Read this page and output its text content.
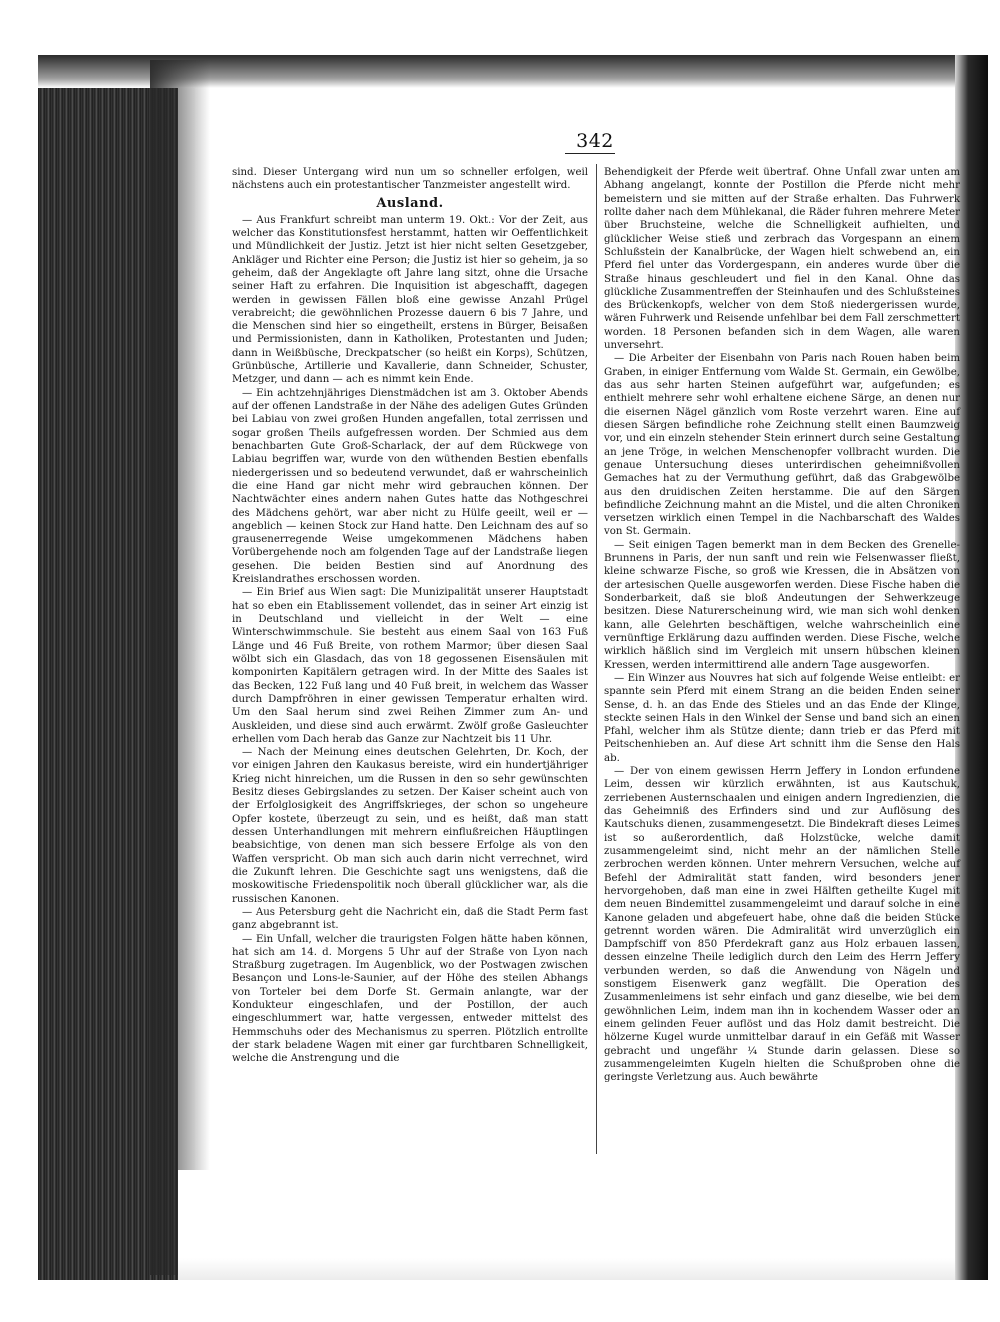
342

sind. Dieser Untergang wird nun um so schneller erfolgen, weil nächstens auch ein protestantischer Tanzmeister angestellt wird.

Ausland.

— Aus Frankfurt schreibt man unterm 19. Okt.: Vor der Zeit, aus welcher das Konstitutionsfest herstammt, hatten wir Oeffentlichkeit und Mündlichkeit der Justiz. Jetzt ist hier nicht selten Gesetzgeber, Ankläger und Richter eine Person; die Justiz ist hier so geheim, ja so geheim, daß der Angeklagte oft Jahre lang sitzt, ohne die Ursache seiner Haft zu erfahren. Die Inquisition ist abgeschafft, dagegen werden in gewissen Fällen bloß eine gewisse Anzahl Prügel verabreicht; die gewöhnlichen Prozesse dauern 6 bis 7 Jahre, und die Menschen sind hier so eingetheilt, erstens in Bürger, Beisaßen und Permissionisten, dann in Katholiken, Protestanten und Juden; dann in Weißbüsche, Dreckpatscher (so heißt ein Korps), Schützen, Grünbüsche, Artillerie und Kavallerie, dann Schneider, Schuster, Metzger, und dann — ach es nimmt kein Ende.

— Ein achtzehnjähriges Dienstmädchen ist am 3. Oktober Abends auf der offenen Landstraße in der Nähe des adeligen Gutes Gründen bei Labiau von zwei großen Hunden angefallen, total zerrissen und sogar großen Theils aufgefressen worden. Der Schmied aus dem benachbarten Gute Groß-Scharlack, der auf dem Rückwege von Labiau begriffen war, wurde von den wüthenden Bestien ebenfalls niedergerissen und so bedeutend verwundet, daß er wahrscheinlich die eine Hand gar nicht mehr wird gebrauchen können. Der Nachtwächter eines andern nahen Gutes hatte das Nothgeschrei des Mädchens gehört, war aber nicht zu Hülfe geeilt, weil er — angeblich — keinen Stock zur Hand hatte. Den Leichnam des auf so grausenerregende Weise umgekommenen Mädchens haben Vorübergehende noch am folgenden Tage auf der Landstraße liegen gesehen. Die beiden Bestien sind auf Anordnung des Kreislandrathes erschossen worden.

— Ein Brief aus Wien sagt: Die Munizipalität unserer Hauptstadt hat so eben ein Etablissement vollendet, das in seiner Art einzig ist in Deutschland und vielleicht in der Welt — eine Winterschwimmschule. Sie besteht aus einem Saal von 163 Fuß Länge und 46 Fuß Breite, von rothem Marmor; über diesen Saal wölbt sich ein Glasdach, das von 18 gegossenen Eisensäulen mit komponirten Kapitälern getragen wird. In der Mitte des Saales ist das Becken, 122 Fuß lang und 40 Fuß breit, in welchem das Wasser durch Dampfröhren in einer gewissen Temperatur erhalten wird. Um den Saal herum sind zwei Reihen Zimmer zum An- und Auskleiden, und diese sind auch erwärmt. Zwölf große Gasleuchter erhellen vom Dach herab das Ganze zur Nachtzeit bis 11 Uhr.

— Nach der Meinung eines deutschen Gelehrten, Dr. Koch, der vor einigen Jahren den Kaukasus bereiste, wird ein hundertjähriger Krieg nicht hinreichen, um die Russen in den so sehr gewünschten Besitz dieses Gebirgslandes zu setzen. Der Kaiser scheint auch von der Erfolglosigkeit des Angriffskrieges, der schon so ungeheure Opfer kostete, überzeugt zu sein, und es heißt, daß man statt dessen Unterhandlungen mit mehrern einflußreichen Häuptlingen beabsichtige, von denen man sich bessere Erfolge als von den Waffen verspricht. Ob man sich auch darin nicht verrechnet, wird die Zukunft lehren. Die Geschichte sagt uns wenigstens, daß die moskowitische Friedenspolitik noch überall glücklicher war, als die russischen Kanonen.

— Aus Petersburg geht die Nachricht ein, daß die Stadt Perm fast ganz abgebrannt ist.

— Ein Unfall, welcher die traurigsten Folgen hätte haben können, hat sich am 14. d. Morgens 5 Uhr auf der Straße von Lyon nach Straßburg zugetragen. Im Augenblick, wo der Postwagen zwischen Besançon und Lons-le-Saunier, auf der Höhe des steilen Abhangs von Torteler bei dem Dorfe St. Germain anlangte, war der Kondukteur eingeschlafen, und der Postillon, der auch eingeschlummert war, hatte vergessen, entweder mittelst des Hemmschuhs oder des Mechanismus zu sperren. Plötzlich entrollte der stark beladene Wagen mit einer gar furchtbaren Schnelligkeit, welche die Anstrengung und die

Behendigkeit der Pferde weit übertraf. Ohne Unfall zwar unten am Abhang angelangt, konnte der Postillon die Pferde nicht mehr bemeistern und sie mitten auf der Straße erhalten. Das Fuhrwerk rollte daher nach dem Mühlekanal, die Räder fuhren mehrere Meter über Bruchsteine, welche die Schnelligkeit aufhielten, und glücklicher Weise stieß und zerbrach das Vorgespann an einem Schlußstein der Kanalbrücke, der Wagen hielt schwebend an, ein Pferd fiel unter das Vordergespann, ein anderes wurde über die Straße hinaus geschleudert und fiel in den Kanal. Ohne das glückliche Zusammentreffen der Steinhaufen und des Schlußsteines des Brückenkopfs, welcher von dem Stoß niedergerissen wurde, wären Fuhrwerk und Reisende unfehlbar bei dem Fall zerschmettert worden. 18 Personen befanden sich in dem Wagen, alle waren unversehrt.

— Die Arbeiter der Eisenbahn von Paris nach Rouen haben beim Graben, in einiger Entfernung vom Walde St. Germain, ein Gewölbe, das aus sehr harten Steinen aufgeführt war, aufgefunden; es enthielt mehrere sehr wohl erhaltene eichene Särge, an denen nur die eisernen Nägel gänzlich vom Roste verzehrt waren. Eine auf diesen Särgen befindliche rohe Zeichnung stellt einen Baumzweig vor, und ein einzeln stehender Stein erinnert durch seine Gestaltung an jene Tröge, in welchen Menschenopfer vollbracht wurden. Die genaue Untersuchung dieses unterirdischen geheimnißvollen Gemaches hat zu der Vermuthung geführt, daß das Grabgewölbe aus den druidischen Zeiten herstamme. Die auf den Särgen befindliche Zeichnung mahnt an die Mistel, und die alten Chroniken versetzen wirklich einen Tempel in die Nachbarschaft des Waldes von St. Germain.

— Seit einigen Tagen bemerkt man in dem Becken des Grenelle-Brunnens in Paris, der nun sanft und rein wie Felsenwasser fließt, kleine schwarze Fische, so groß wie Kressen, die in Absätzen von der artesischen Quelle ausgeworfen werden. Diese Fische haben die Sonderbarkeit, daß sie bloß Andeutungen der Sehwerkzeuge besitzen. Diese Naturerscheinung wird, wie man sich wohl denken kann, alle Gelehrten beschäftigen, welche wahrscheinlich eine vernünftige Erklärung dazu auffinden werden. Diese Fische, welche wirklich häßlich sind im Vergleich mit unsern hübschen kleinen Kressen, werden intermittirend alle andern Tage ausgeworfen.

— Ein Winzer aus Nouvres hat sich auf folgende Weise entleibt: er spannte sein Pferd mit einem Strang an die beiden Enden seiner Sense, d. h. an das Ende des Stieles und an das Ende der Klinge, steckte seinen Hals in den Winkel der Sense und band sich an einen Pfahl, welcher ihm als Stütze diente; dann trieb er das Pferd mit Peitschenhieben an. Auf diese Art schnitt ihm die Sense den Hals ab.

— Der von einem gewissen Herrn Jeffery in London erfundene Leim, dessen wir kürzlich erwähnten, ist aus Kautschuk, zerriebenen Austernschaalen und einigen andern Ingredienzien, die das Geheimniß des Erfinders sind und zur Auflösung des Kautschuks dienen, zusammengesetzt. Die Bindekraft dieses Leimes ist so außerordentlich, daß Holzstücke, welche damit zusammengeleimt sind, nicht mehr an der nämlichen Stelle zerbrochen werden können. Unter mehrern Versuchen, welche auf Befehl der Admiralität statt fanden, wird besonders jener hervorgehoben, daß man eine in zwei Hälften getheilte Kugel mit dem neuen Bindemittel zusammengeleimt und darauf solche in eine Kanone geladen und abgefeuert habe, ohne daß die beiden Stücke getrennt worden wären. Die Admiralität wird unverzüglich ein Dampfschiff von 850 Pferdekraft ganz aus Holz erbauen lassen, dessen einzelne Theile lediglich durch den Leim des Herrn Jeffery verbunden werden, so daß die Anwendung von Nägeln und sonstigem Eisenwerk ganz wegfällt. Die Operation des Zusammenleimens ist sehr einfach und ganz dieselbe, wie bei dem gewöhnlichen Leim, indem man ihn in kochendem Wasser oder an einem gelinden Feuer auflöst und das Holz damit bestreicht. Die hölzerne Kugel wurde unmittelbar darauf in ein Gefäß mit Wasser gebracht und ungefähr ¼ Stunde darin gelassen. Diese so zusammengeleimten Kugeln hielten die Schußproben ohne die geringste Verletzung aus. Auch bewährte
